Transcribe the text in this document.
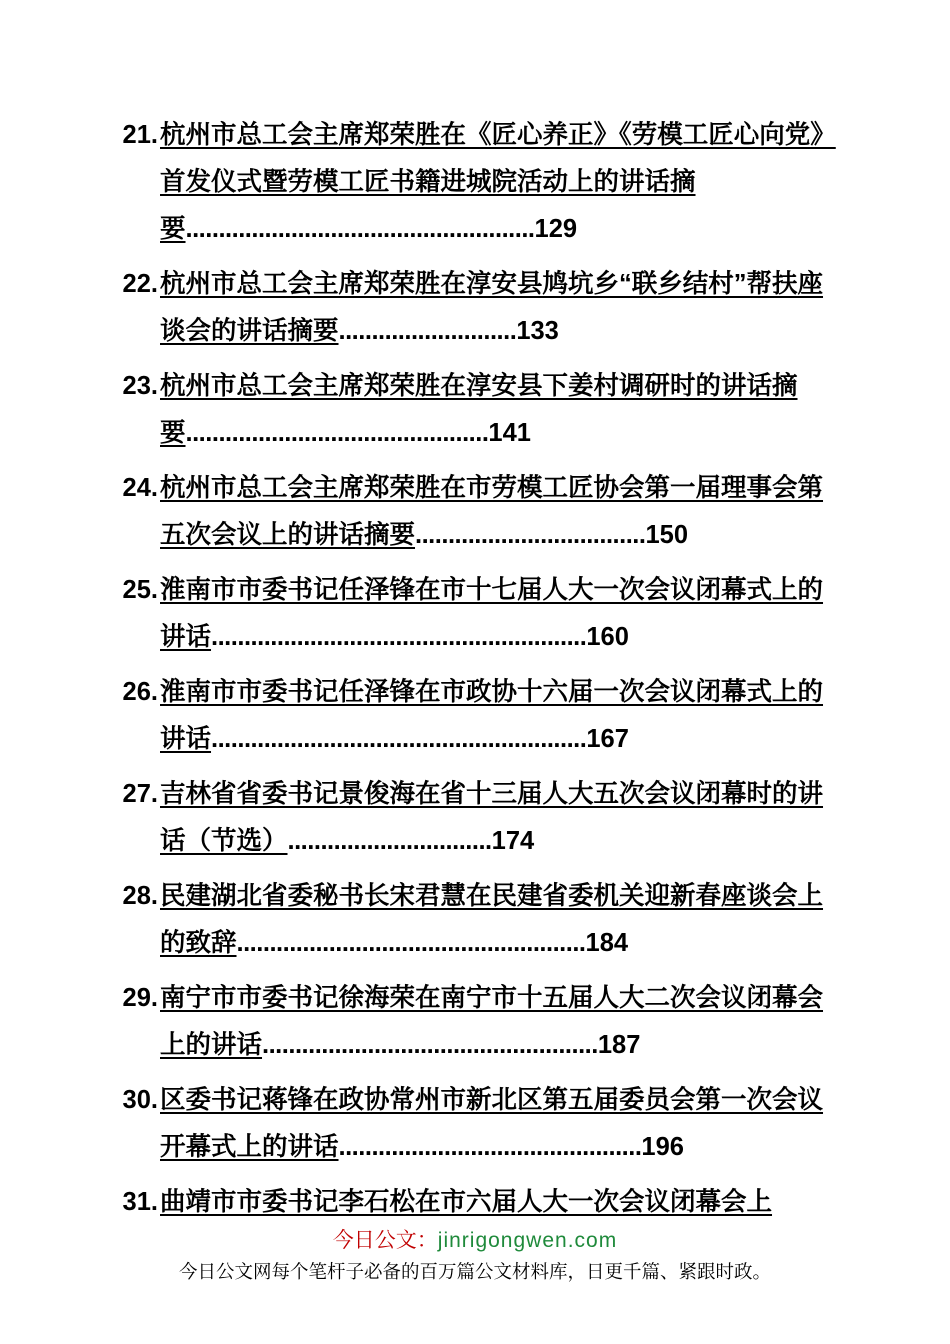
21. 杭州市总工会主席郑荣胜在《匠心养正》《劳模工匠心向党》首发仪式暨劳模工匠书籍进城院活动上的讲话摘要.....................................................129
22. 杭州市总工会主席郑荣胜在淳安县鸠坑乡“联乡结村”帮扶座谈会的讲话摘要...........................133
23. 杭州市总工会主席郑荣胜在淳安县下姜村调研时的讲话摘要..............................................141
24. 杭州市总工会主席郑荣胜在市劳模工匠协会第一届理事会第五次会议上的讲话摘要...................................150
25. 淮南市市委书记任泽锋在市十七届人大一次会议闭幕式上的讲话.........................................................160
26. 淮南市市委书记任泽锋在市政协十六届一次会议闭幕式上的讲话.........................................................167
27. 吉林省省委书记景俊海在省十三届人大五次会议闭幕时的讲话（节选）...............................174
28. 民建湖北省委秘书长宋君慧在民建省委机关迎新春座谈会上的致辞.....................................................184
29. 南宁市市委书记徐海荣在南宁市十五届人大二次会议闭幕会上的讲话...................................................187
30. 区委书记蒋锋在政协常州市新北区第五届委员会第一次会议开幕式上的讲话..............................................196
31. 曲靖市市委书记李石松在市六届人大一次会议闭幕会上
今日公文：jinrigongwen.com
今日公文网每个笔杆子必备的百万篇公文材料库，日更千篇、紧跟时政。
